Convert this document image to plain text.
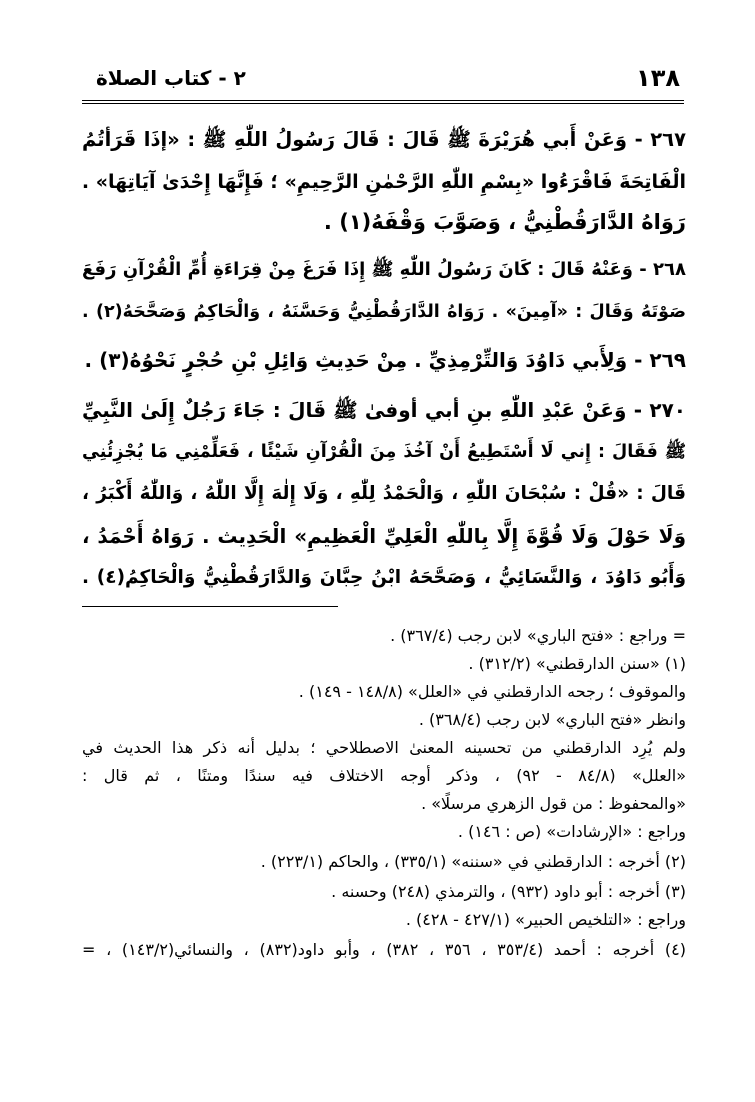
١٣٨
٢ - كتاب الصلاة
٢٦٧ - وَعَنْ أَبي هُرَيْرَةَ ﷺ قَالَ : قَالَ رَسُولُ اللّٰهِ ﷺ : «إذَا قَرَأتُمُ
الْفَاتِحَةَ فَاقْرَءُوا «بِسْمِ اللّٰهِ الرَّحْمٰنِ الرَّحِيمِ» ؛ فَإِنَّهَا إِحْدَىٰ آيَاتِهَا» .
رَوَاهُ الدَّارَقُطْنِيُّ ، وَصَوَّبَ وَقْفَهُ(١) .
٢٦٨ - وَعَنْهُ قَالَ : كَانَ رَسُولُ اللّٰهِ ﷺ إِذَا فَرَغَ مِنْ قِرَاءَةِ أُمِّ الْقُرْآنِ رَفَعَ
صَوْتَهُ وَقَالَ : «آمِينَ» . رَوَاهُ الدَّارَقُطْنِيُّ وَحَسَّنَهُ ، وَالْحَاكِمُ وَصَحَّحَهُ(٢) .
٢٦٩ - وَلِأَبي دَاوُدَ وَالتِّرْمِذِيِّ . مِنْ حَدِيثِ وَائِلِ بْنِ حُجْرٍ نَحْوُهُ(٣) .
٢٧٠ - وَعَنْ عَبْدِ اللّٰهِ بنِ أبي أوفىٰ ﷺ قَالَ : جَاءَ رَجُلٌ إِلَىٰ النَّبِيِّ
ﷺ فَقَالَ : إِني لَا أَسْتَطِيعُ أَنْ آخُذَ مِنَ الْقُرْآنِ شَيْئًا ، فَعَلِّمْنِي مَا يُجْزِئُنِي
قَالَ : «قُلْ : سُبْحَانَ اللّٰهِ ، وَالْحَمْدُ لِلّٰهِ ، وَلَا إِلٰهَ إِلَّا اللّٰهُ ، وَاللّٰهُ أَكْبَرُ ،
وَلَا حَوْلَ وَلَا قُوَّةَ إِلَّا بِاللّٰهِ الْعَلِيِّ الْعَظِيمِ» الْحَدِيث . رَوَاهُ أَحْمَدُ ،
وَأَبُو دَاوُدَ ، وَالنَّسَائِيُّ ، وَصَحَّحَهُ ابْنُ حِبَّانَ وَالدَّارَقُطْنِيُّ وَالْحَاكِمُ(٤) .
= وراجع : «فتح الباري» لابن رجب (٣٦٧/٤) .
(١) «سنن الدارقطني» (٣١٢/٢) .
والموقوف ؛ رجحه الدارقطني في «العلل» (١٤٨/٨ - ١٤٩) .
وانظر «فتح الباري» لابن رجب (٣٦٨/٤) .
ولم يُرِد الدارقطني من تحسينه المعنىٰ الاصطلاحي ؛ بدليل أنه ذكر هذا الحديث في
«العلل» (٨٤/٨ - ٩٢) ، وذكر أوجه الاختلاف فيه سندًا ومتنًا ، ثم قال :
«والمحفوظ : من قول الزهري مرسلًا» .
وراجع : «الإرشادات» (ص : ١٤٦) .
(٢) أخرجه : الدارقطني في «سننه» (٣٣٥/١) ، والحاكم (٢٢٣/١) .
(٣) أخرجه : أبو داود (٩٣٢) ، والترمذي (٢٤٨) وحسنه .
وراجع : «التلخيص الحبير» (٤٢٧/١ - ٤٢٨) .
(٤) أخرجه : أحمد (٣٥٣/٤ ، ٣٥٦ ، ٣٨٢) ، وأبو داود(٨٣٢) ، والنسائي(١٤٣/٢) ، =
